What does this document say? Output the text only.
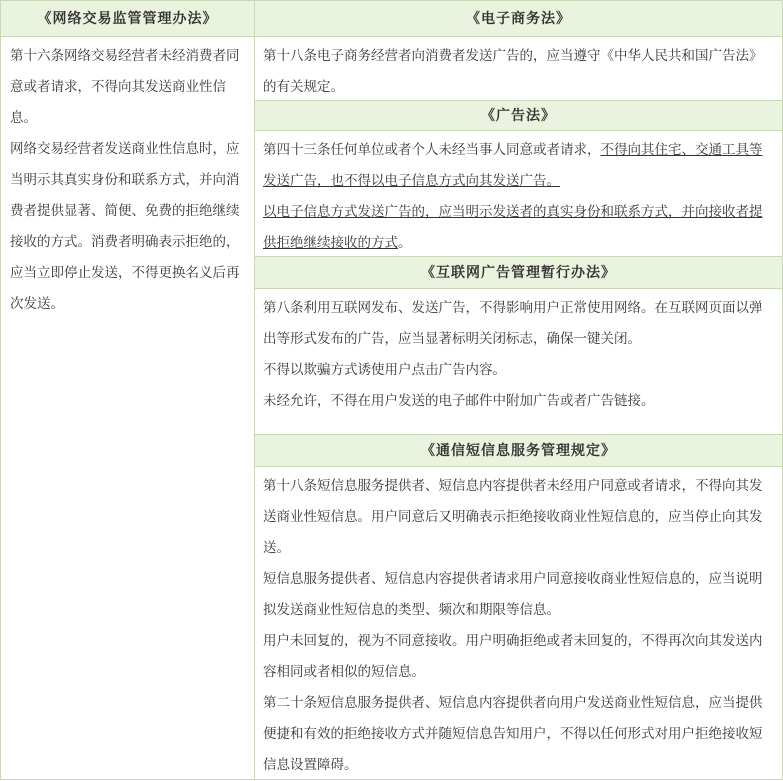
《网络交易监管管理办法》

第十六条网络交易经营者未经消费者同意或者请求，不得向其发送商业性信息。

网络交易经营者发送商业性信息时，应当明示其真实身份和联系方式，并向消费者提供显著、简便、免费的拒绝继续接收的方式。消费者明确表示拒绝的，应当立即停止发送，不得更换名义后再次发送。

《电子商务法》

第十八条电子商务经营者向消费者发送广告的，应当遵守《中华人民共和国广告法》的有关规定。

《广告法》

第四十三条任何单位或者个人未经当事人同意或者请求，不得向其住宅、交通工具等发送广告，也不得以电子信息方式向其发送广告。

以电子信息方式发送广告的，应当明示发送者的真实身份和联系方式，并向接收者提供拒绝继续接收的方式。

《互联网广告管理暂行办法》

第八条利用互联网发布、发送广告，不得影响用户正常使用网络。在互联网页面以弹出等形式发布的广告，应当显著标明关闭标志，确保一键关闭。

不得以欺骗方式诱使用户点击广告内容。

未经允许，不得在用户发送的电子邮件中附加广告或者广告链接。

《通信短信息服务管理规定》

第十八条短信息服务提供者、短信息内容提供者未经用户同意或者请求，不得向其发送商业性短信息。用户同意后又明确表示拒绝接收商业性短信息的，应当停止向其发送。

短信息服务提供者、短信息内容提供者请求用户同意接收商业性短信息的，应当说明拟发送商业性短信息的类型、频次和期限等信息。

用户未回复的，视为不同意接收。用户明确拒绝或者未回复的，不得再次向其发送内容相同或者相似的短信息。

第二十条短信息服务提供者、短信息内容提供者向用户发送商业性短信息，应当提供便捷和有效的拒绝接收方式并随短信息告知用户，不得以任何形式对用户拒绝接收短信息设置障碍。
